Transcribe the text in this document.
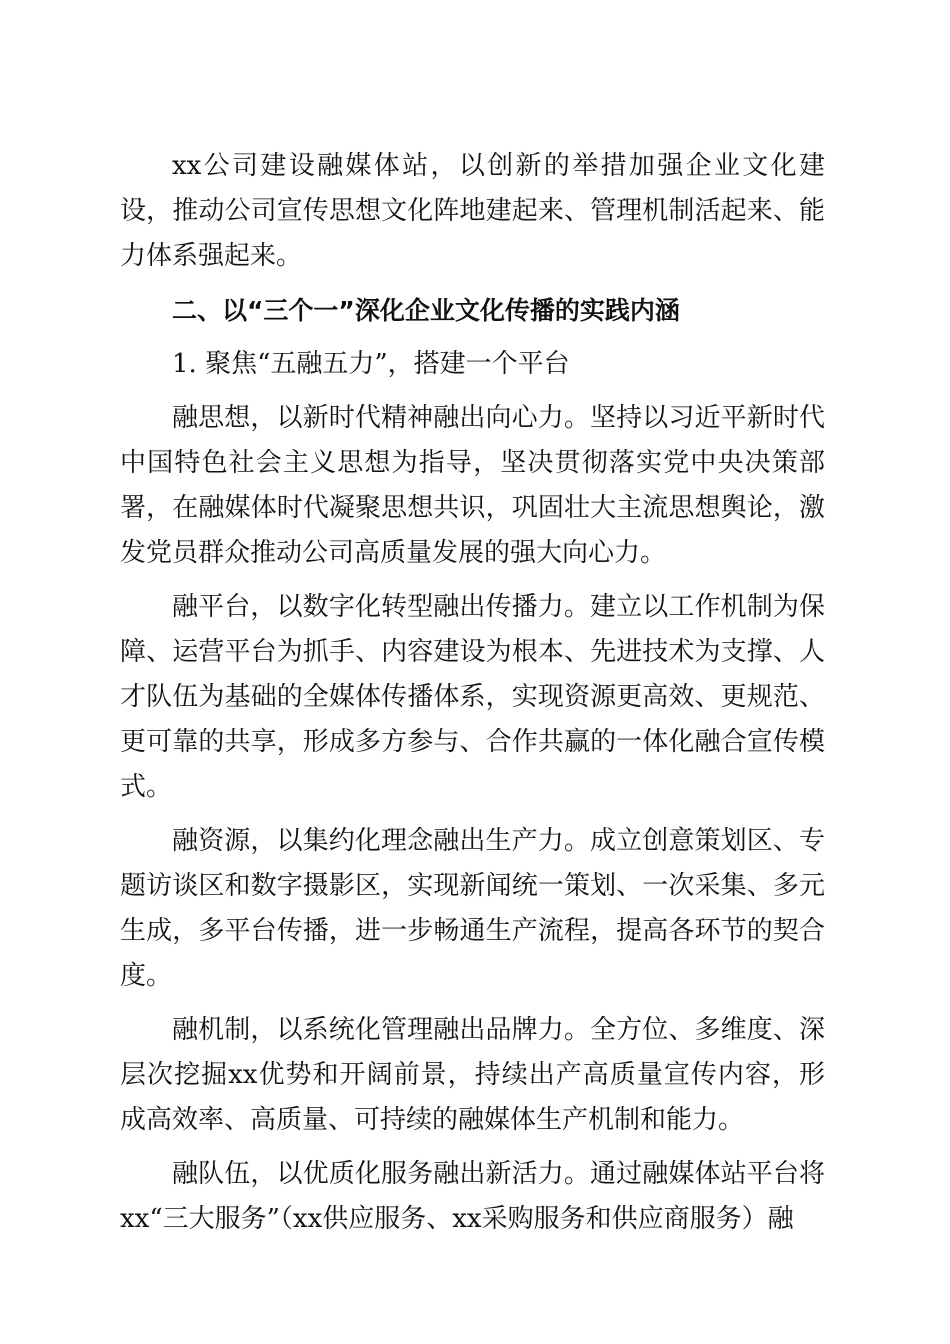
xx公司建设融媒体站，以创新的举措加强企业文化建设，推动公司宣传思想文化阵地建起来、管理机制活起来、能力体系强起来。

二、以“三个一”深化企业文化传播的实践内涵

1. 聚焦“五融五力”，搭建一个平台

融思想，以新时代精神融出向心力。坚持以习近平新时代中国特色社会主义思想为指导，坚决贯彻落实党中央决策部署，在融媒体时代凝聚思想共识，巩固壮大主流思想舆论，激发党员群众推动公司高质量发展的强大向心力。

融平台，以数字化转型融出传播力。建立以工作机制为保障、运营平台为抓手、内容建设为根本、先进技术为支撑、人才队伍为基础的全媒体传播体系，实现资源更高效、更规范、更可靠的共享，形成多方参与、合作共赢的一体化融合宣传模式。

融资源，以集约化理念融出生产力。成立创意策划区、专题访谈区和数字摄影区，实现新闻统一策划、一次采集、多元生成，多平台传播，进一步畅通生产流程，提高各环节的契合度。

融机制，以系统化管理融出品牌力。全方位、多维度、深层次挖掘xx优势和开阔前景，持续出产高质量宣传内容，形成高效率、高质量、可持续的融媒体生产机制和能力。

融队伍，以优质化服务融出新活力。通过融媒体站平台将xx“三大服务”（xx供应服务、xx采购服务和供应商服务）融
